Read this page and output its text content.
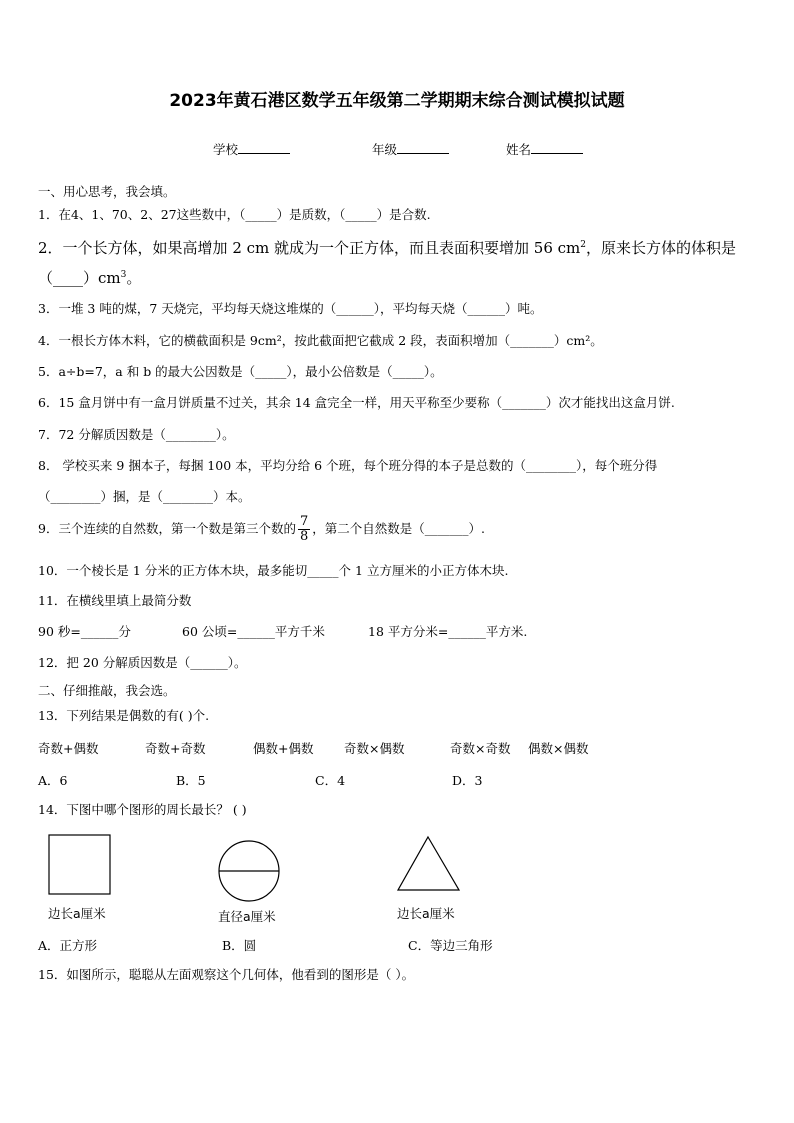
2023年黄石港区数学五年级第二学期期末综合测试模拟试题
学校	年级	姓名
一、用心思考，我会填。
1．在4、1、70、2、27这些数中，（_____）是质数，（_____）是合数.
2．一个长方体，如果高增加 2 cm 就成为一个正方体，而且表面积要增加 56 $cm^2$，原来长方体的体积是
$(\_\_\_\_)cm^3$。
3．一堆 3 吨的煤，7 天烧完，平均每天烧这堆煤的（______），平均每天烧（______）吨。
4．一根长方体木料，它的横截面积是 9cm²，按此截面把它截成 2 段，表面积增加（_______）cm²。
5．a÷b=7，a 和 b 的最大公因数是（_____），最小公倍数是（_____）。
6．15 盒月饼中有一盒月饼质量不过关，其余 14 盒完全一样，用天平称至少要称（_______）次才能找出这盒月饼.
7．72 分解质因数是（________）。
8． 学校买来 9 捆本子，每捆 100 本，平均分给 6 个班，每个班分得的本子是总数的（________），每个班分得
（________）捆，是（________）本。
9．三个连续的自然数，第一个数是第三个数的 $\frac{7}{8}$ ，第二个自然数是（_______）.
10．一个棱长是 1 分米的正方体木块，最多能切_____个 1 立方厘米的小正方体木块.
11．在横线里填上最简分数
90 秒=______分	60 公顷=______平方千米	18 平方分米=______平方米.
12．把 20 分解质因数是（______）。
二、仔细推敲，我会选。
13．下列结果是偶数的有( )个.
奇数+偶数	奇数+奇数	偶数+偶数 奇数×偶数	奇数×奇数 偶数×偶数
A．6	B．5	C．4	D．3
14．下图中哪个图形的周长最长？ ( )
边长a厘米	直径a厘米	边长a厘米
A．正方形	B．圆	C．等边三角形
15．如图所示，聪聪从左面观察这个几何体，他看到的图形是（ ）。
